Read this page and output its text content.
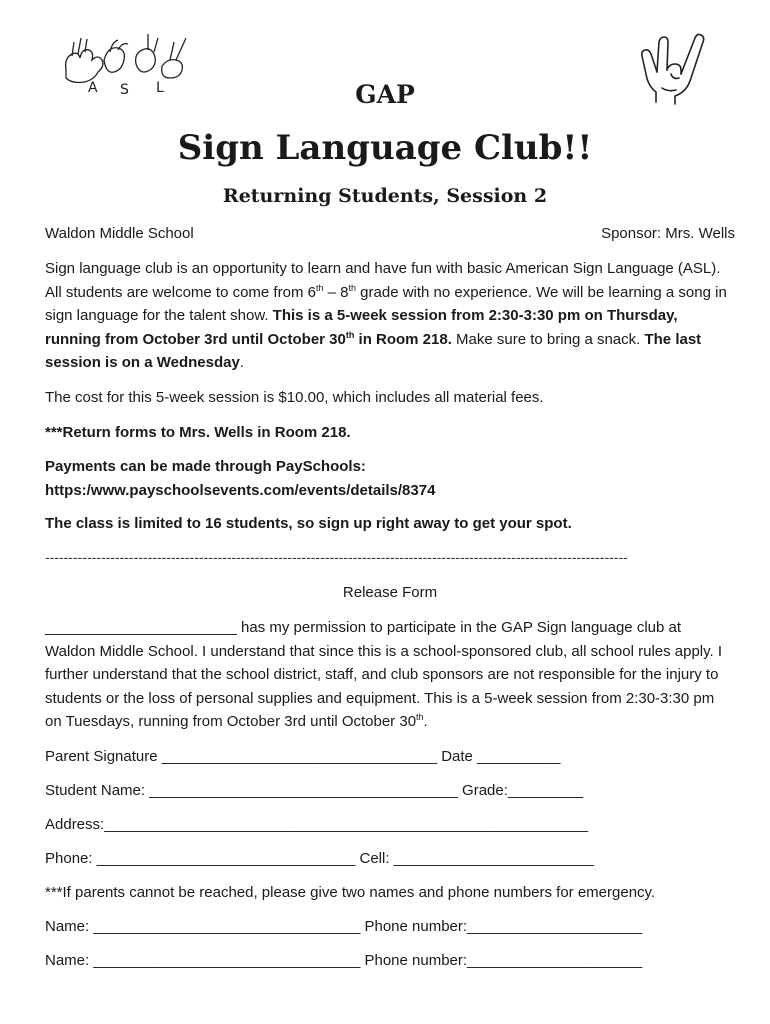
A S L	GAP
Sign Language Club!!
Returning Students, Session 2
Waldon Middle School	Sponsor: Mrs. Wells
Sign language club is an opportunity to learn and have fun with basic American Sign Language (ASL). All students are welcome to come from 6th – 8th grade with no experience. We will be learning a song in sign language for the talent show. This is a 5-week session from 2:30-3:30 pm on Thursday, running from October 3rd until October 30th in Room 218. Make sure to bring a snack. The last session is on a Wednesday.
The cost for this 5-week session is $10.00, which includes all material fees.
***Return forms to Mrs. Wells in Room 218.
Payments can be made through PaySchools:
https:/www.payschoolsevents.com/events/details/8374
The class is limited to 16 students, so sign up right away to get your spot.
-----------------------------------------------------------------------------------------------------------------------------
Release Form
_______________________ has my permission to participate in the GAP Sign language club at Waldon Middle School. I understand that since this is a school-sponsored club, all school rules apply. I further understand that the school district, staff, and club sponsors are not responsible for the injury to students or the loss of personal supplies and equipment. This is a 5-week session from 2:30-3:30 pm on Tuesdays, running from October 3rd until October 30th.
Parent Signature _________________________________ Date __________
Student Name: _____________________________________ Grade:_________
Address:__________________________________________________________
Phone: _______________________________ Cell: ________________________
***If parents cannot be reached, please give two names and phone numbers for emergency.
Name: ________________________________ Phone number:_____________________
Name: ________________________________ Phone number:_____________________
